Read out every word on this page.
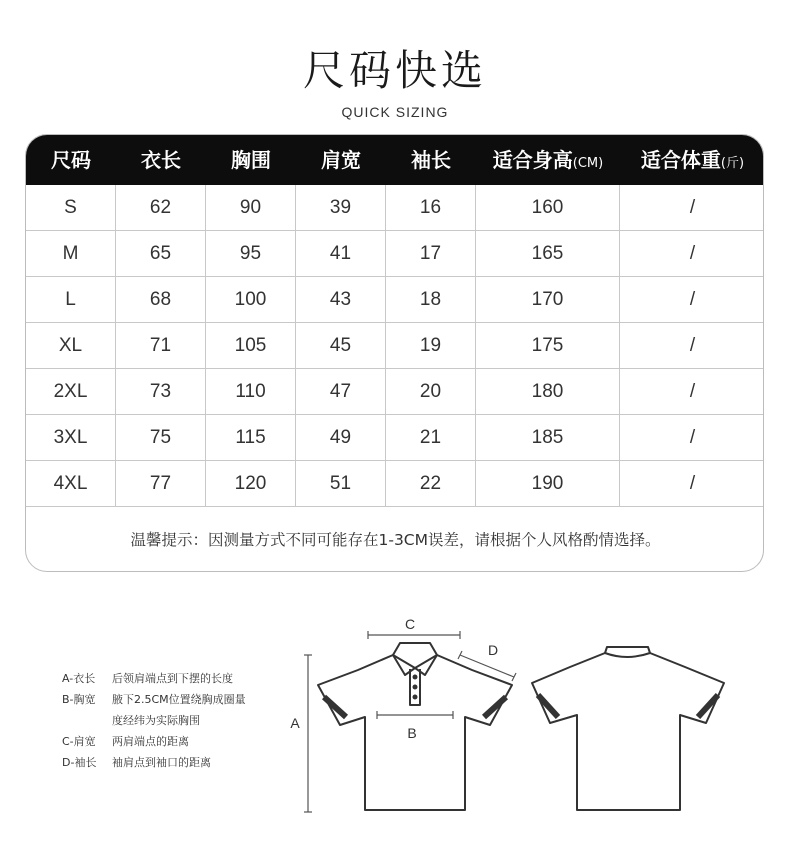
尺码快选
QUICK SIZING
尺码	衣长	胸围	肩宽	袖长	适合身高(CM)	适合体重(斤)
S	62	90	39	16	160	/
M	65	95	41	17	165	/
L	68	100	43	18	170	/
XL	71	105	45	19	175	/
2XL	73	110	47	20	180	/
3XL	75	115	49	21	185	/
4XL	77	120	51	22	190	/
温馨提示：因测量方式不同可能存在1-3CM误差，请根据个人风格酌情选择。
A-衣长 后领肩端点到下摆的长度
B-胸宽 腋下2.5CM位置绕胸成圈量
度经纬为实际胸围
C-肩宽 两肩端点的距离
D-袖长 袖肩点到袖口的距离
C
B
A
D
